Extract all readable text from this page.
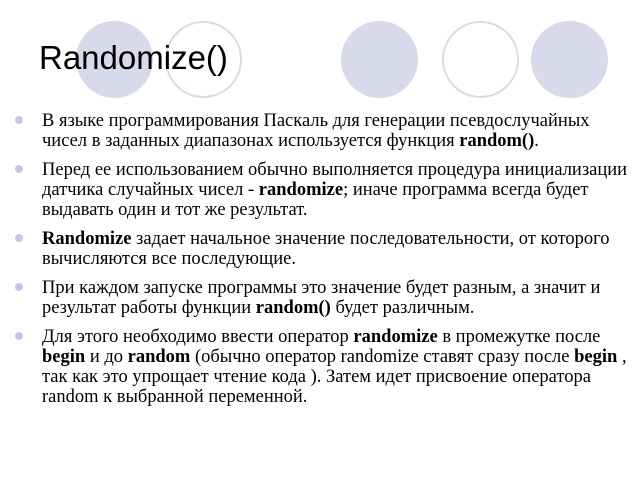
Randomize()
В языке программирования Паскаль для генерации псевдослучайных чисел в заданных диапазонах используется функция random().
Перед ее использованием обычно выполняется процедура инициализации датчика случайных чисел - randomize; иначе программа всегда будет выдавать один и тот же результат.
Randomize задает начальное значение последовательности, от которого вычисляются все последующие.
При каждом запуске программы это значение будет разным, а значит и результат работы функции random() будет различным.
Для этого необходимо ввести оператор randomize в промежутке после begin и до random (обычно оператор randomize ставят сразу после begin , так как это упрощает чтение кода ). Затем идет присвоение оператора random к выбранной переменной.
